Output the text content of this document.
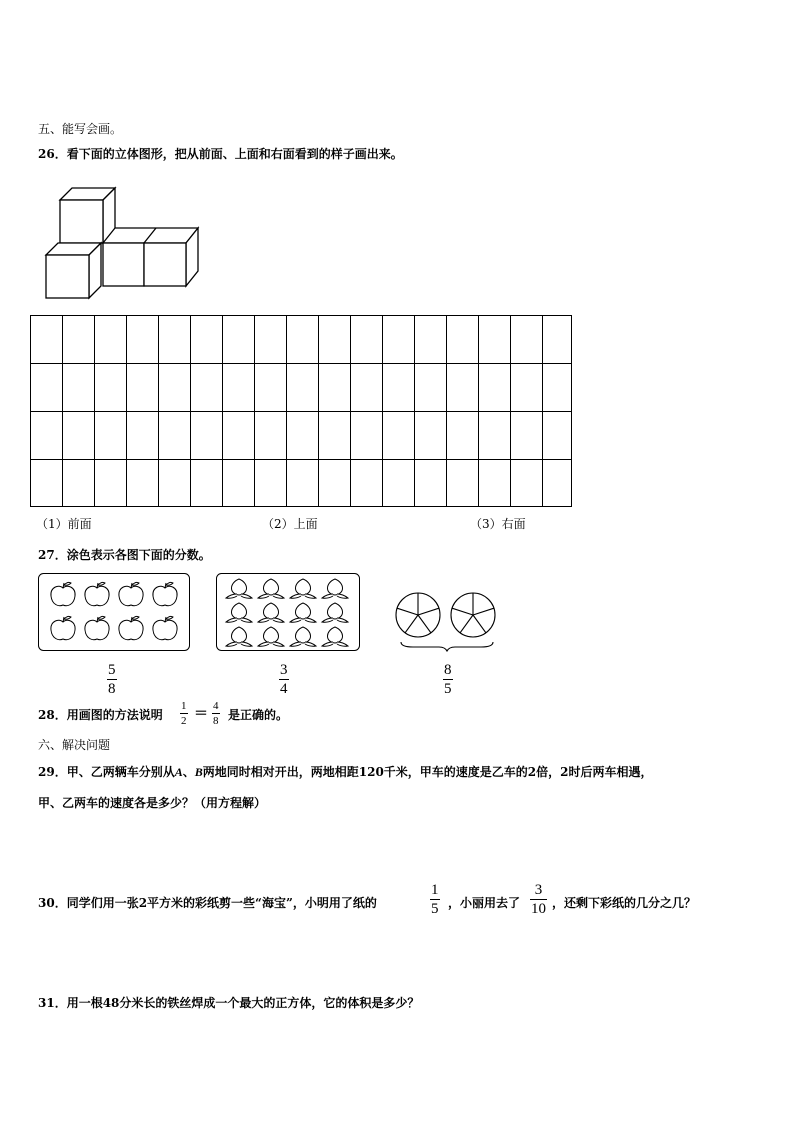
五、能写会画。
26．看下面的立体图形，把从前面、上面和右面看到的样子画出来。
（1）前面	（2）上面	（3）右面
27．涂色表示各图下面的分数。
5
8
3
4
8
5
28．用画图的方法说明
1
2 ＝ 4
8 是正确的。
六、解决问题
29．甲、乙两辆车分别从A、B两地同时相对开出，两地相距120千米，甲车的速度是乙车的2倍，2时后两车相遇，
甲、乙两车的速度各是多少？（用方程解）
30．同学们用一张2平方米的彩纸剪一些“海宝”，小明用了纸的
1
5 ，小丽用去了
3
10 ，还剩下彩纸的几分之几？
31．用一根48分米长的铁丝焊成一个最大的正方体，它的体积是多少？
